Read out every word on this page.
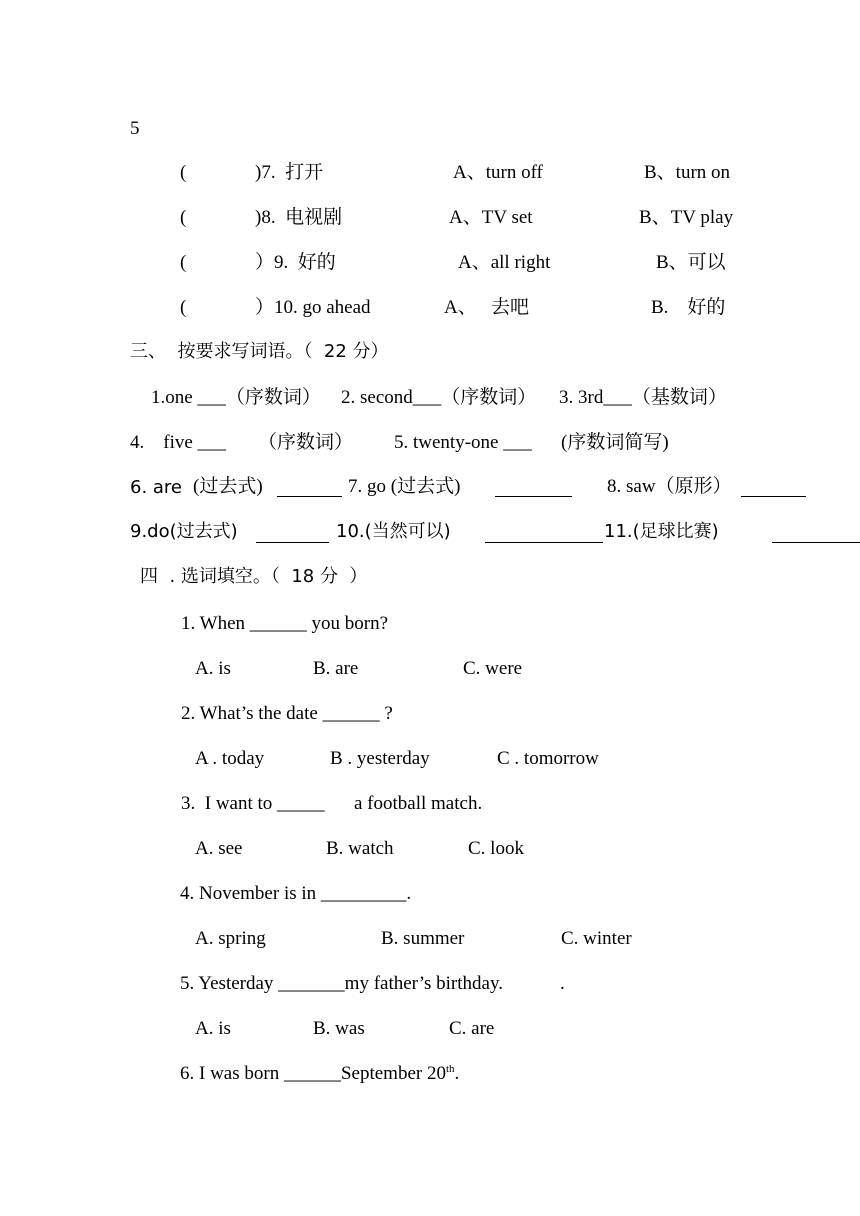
5
(	)7.  打开	A、turn off	B、turn on
(	)8.  电视剧	A、TV set	B、TV play
(	）9.  好的	A、all right	B、可以
(	）10. go ahead	A、   去吧	B.    好的
三、  按要求写词语。（  22 分）
1.one ___（序数词） 2. second___（序数词） 3. 3rd___（基数词）
4.    five ___ （序数词） 5. twenty-one ___ (序数词简写)
6. are (过去式)	7. go (过去式)	8. saw（原形）
9.do(过去式)	10.(当然可以)	11.(足球比赛)
四  . 选词填空。（  18 分  ）
1. When ______ you born?
A. is	B. are	C. were
2. What’s the date ______ ?
A . today	B . yesterday	C . tomorrow
3.  I want to _____ a football match.
A. see	B. watch	C. look
4. November is in _________.
A. spring	B. summer	C. winter
5. Yesterday _______my father’s birthday.	.
A. is	B. was	C. are
6. I was born ______September 20th.
